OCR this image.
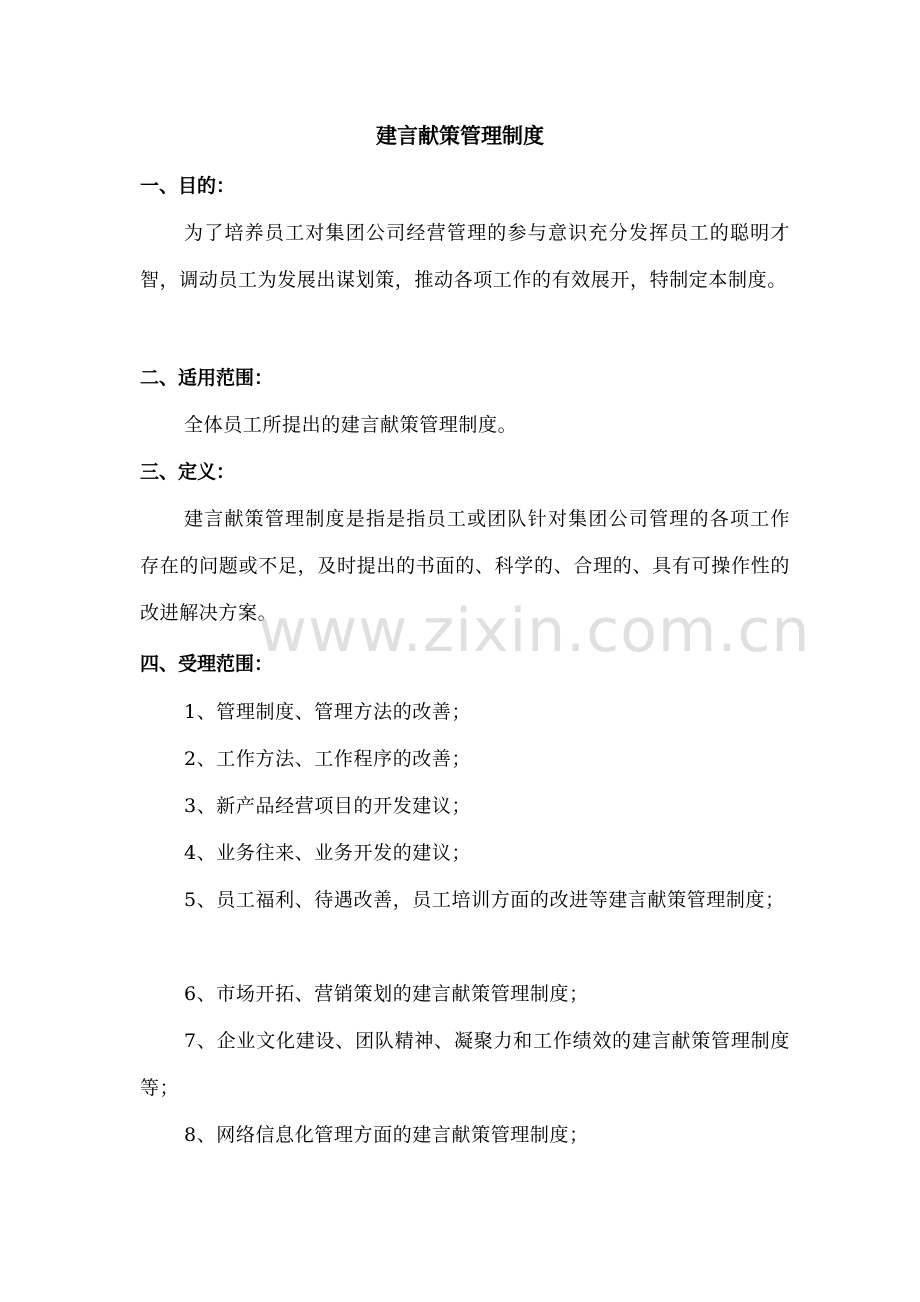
建言献策管理制度
一、目的：

为了培养员工对集团公司经营管理的参与意识充分发挥员工的聪明才智，调动员工为发展出谋划策，推动各项工作的有效展开，特制定本制度。

二、适用范围：

全体员工所提出的建言献策管理制度。

三、定义：

建言献策管理制度是指是指员工或团队针对集团公司管理的各项工作存在的问题或不足，及时提出的书面的、科学的、合理的、具有可操作性的改进解决方案。

四、受理范围：

1、管理制度、管理方法的改善；

2、工作方法、工作程序的改善；

3、新产品经营项目的开发建议；

4、业务往来、业务开发的建议；

5、员工福利、待遇改善，员工培训方面的改进等建言献策管理制度；

6、市场开拓、营销策划的建言献策管理制度；

7、企业文化建设、团队精神、凝聚力和工作绩效的建言献策管理制度等；

8、网络信息化管理方面的建言献策管理制度；

www.zixin.com.cn
